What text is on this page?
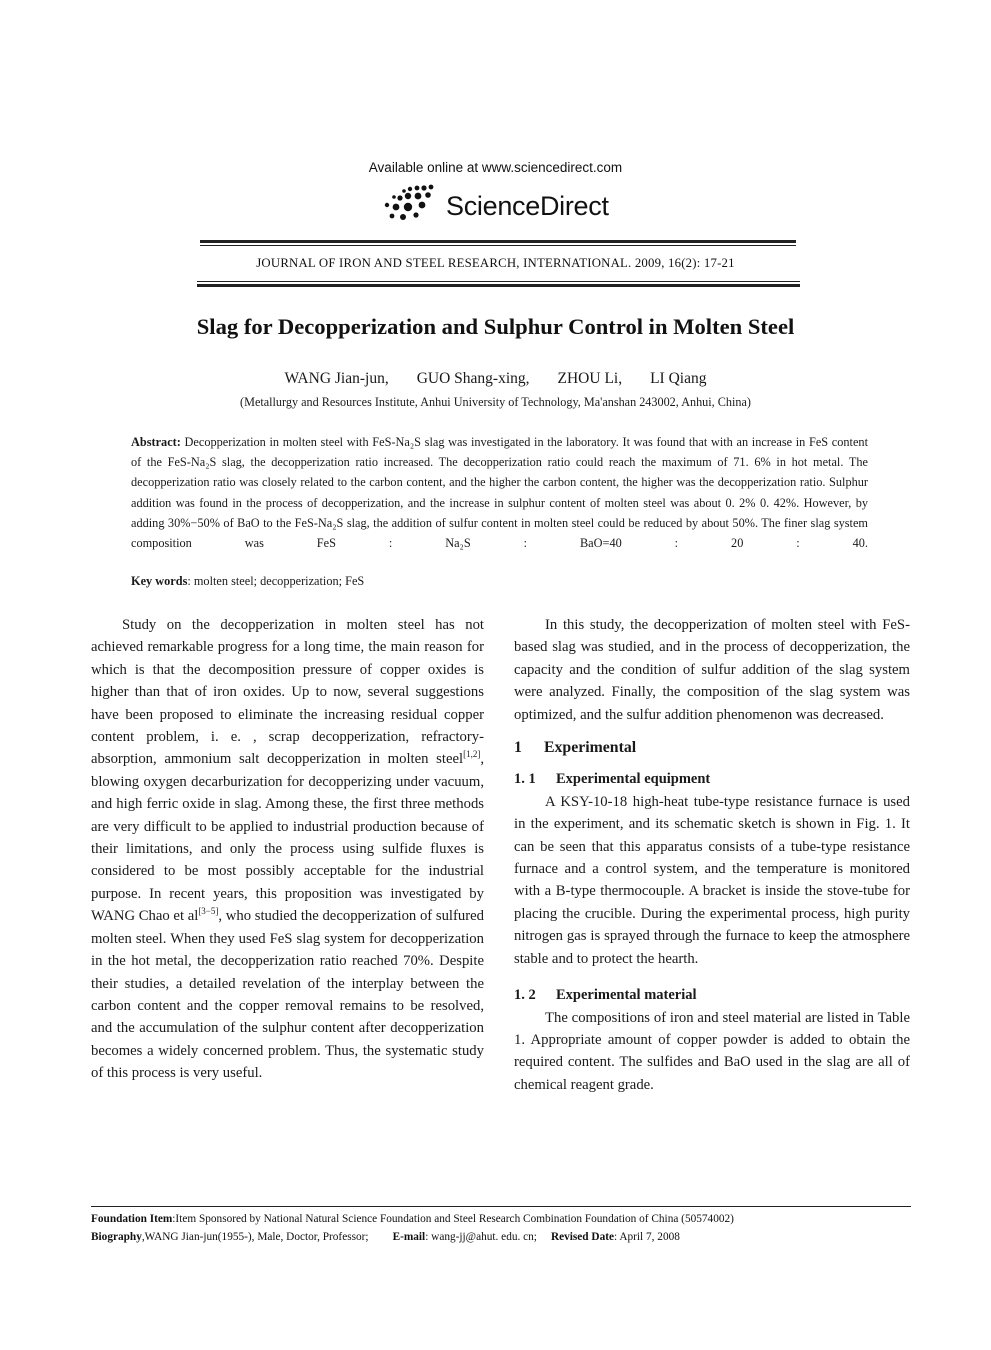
Available online at www.sciencedirect.com
ScienceDirect
JOURNAL OF IRON AND STEEL RESEARCH, INTERNATIONAL. 2009, 16(2): 17-21
Slag for Decopperization and Sulphur Control in Molten Steel
WANG Jian-jun, GUO Shang-xing, ZHOU Li, LI Qiang
(Metallurgy and Resources Institute, Anhui University of Technology, Ma'anshan 243002, Anhui, China)
Abstract: Decopperization in molten steel with FeS-Na₂S slag was investigated in the laboratory. It was found that with an increase in FeS content of the FeS-Na₂S slag, the decopperization ratio increased. The decopperization ratio could reach the maximum of 71. 6% in hot metal. The decopperization ratio was closely related to the carbon content, and the higher the carbon content, the higher was the decopperization ratio. Sulphur addition was found in the process of decopperization, and the increase in sulphur content of molten steel was about 0. 2% 0. 42%. However, by adding 30%−50% of BaO to the FeS-Na₂S slag, the addition of sulfur content in molten steel could be reduced by about 50%. The finer slag system composition was FeS : Na₂S : BaO=40 : 20 : 40.
Key words: molten steel; decopperization; FeS

Study on the decopperization in molten steel has not achieved remarkable progress for a long time, the main reason for which is that the decomposition pressure of copper oxides is higher than that of iron oxides. Up to now, several suggestions have been proposed to eliminate the increasing residual copper content problem, i. e. , scrap decopperization, refractory-absorption, ammonium salt decopperization in molten steel[1,2], blowing oxygen decarburization for decopperizing under vacuum, and high ferric oxide in slag. Among these, the first three methods are very difficult to be applied to industrial production because of their limitations, and only the process using sulfide fluxes is considered to be most possibly acceptable for the industrial purpose. In recent years, this proposition was investigated by WANG Chao et al[3−5], who studied the decopperization of sulfured molten steel. When they used FeS slag system for decopperization in the hot metal, the decopperization ratio reached 70%. Despite their studies, a detailed revelation of the interplay between the carbon content and the copper removal remains to be resolved, and the accumulation of the sulphur content after decopperization becomes a widely concerned problem. Thus, the systematic study of this process is very useful.

In this study, the decopperization of molten steel with FeS-based slag was studied, and in the process of decopperization, the capacity and the condition of sulfur addition of the slag system were analyzed. Finally, the composition of the slag system was optimized, and the sulfur addition phenomenon was decreased.

1 Experimental

1. 1 Experimental equipment

A KSY-10-18 high-heat tube-type resistance furnace is used in the experiment, and its schematic sketch is shown in Fig. 1. It can be seen that this apparatus consists of a tube-type resistance furnace and a control system, and the temperature is monitored with a B-type thermocouple. A bracket is inside the stove-tube for placing the crucible. During the experimental process, high purity nitrogen gas is sprayed through the furnace to keep the atmosphere stable and to protect the hearth.

1. 2 Experimental material

The compositions of iron and steel material are listed in Table 1. Appropriate amount of copper powder is added to obtain the required content. The sulfides and BaO used in the slag are all of chemical reagent grade.

Foundation Item:Item Sponsored by National Natural Science Foundation and Steel Research Combination Foundation of China (50574002)
Biography,WANG Jian-jun(1955-), Male, Doctor, Professor; E-mail: wang-jj@ahut. edu. cn; Revised Date: April 7, 2008
